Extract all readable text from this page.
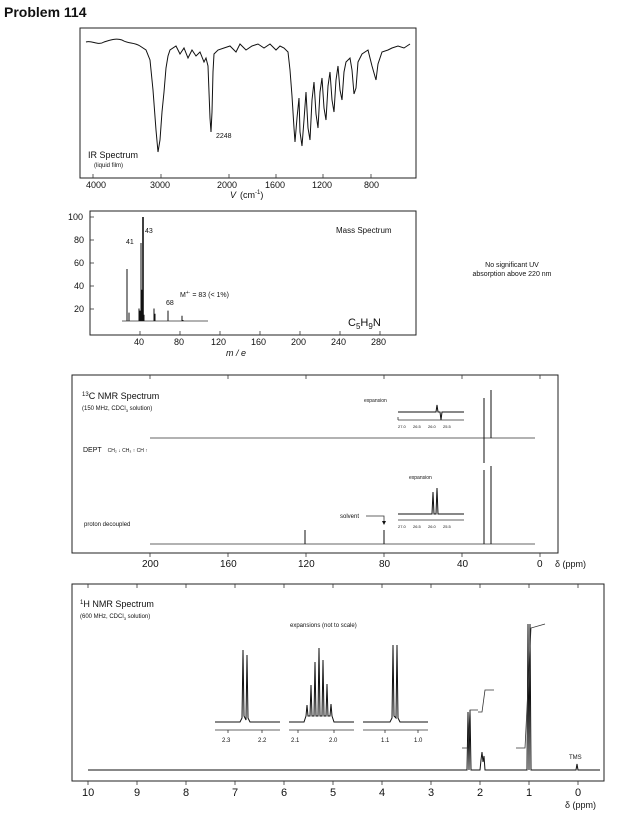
Problem 114
IR Spectrum
(liquid film)
2248
4000	3000	2000	1600	1200	800
V $(cm^{-1})$
100
80
60
40
20
41
43
68
M+· = 83 (< 1%)
Mass Spectrum
$C_5H_9N$
40	80	120	160	200	240	280
m / e
No significant UV
absorption above 220 nm
$^{13}$C NMR Spectrum
(150 MHz, CDCl$_3$ solution)
DEPT CH₂ ↓ CH₃ ↑ CH ↑
expansion
27.0 26.5 26.0 25.5
expansion
27.0 26.5 26.0 25.5
proton decoupled
solvent
200	160	120	80	40	0 δ (ppm)
$^1$H NMR Spectrum
(600 MHz, CDCl$_3$ solution)
expansions (not to scale)
2.3	2.2	2.1	2.0	1.1	1.0
TMS
10	9	8	7	6	5	4	3	2	1	0
δ (ppm)
